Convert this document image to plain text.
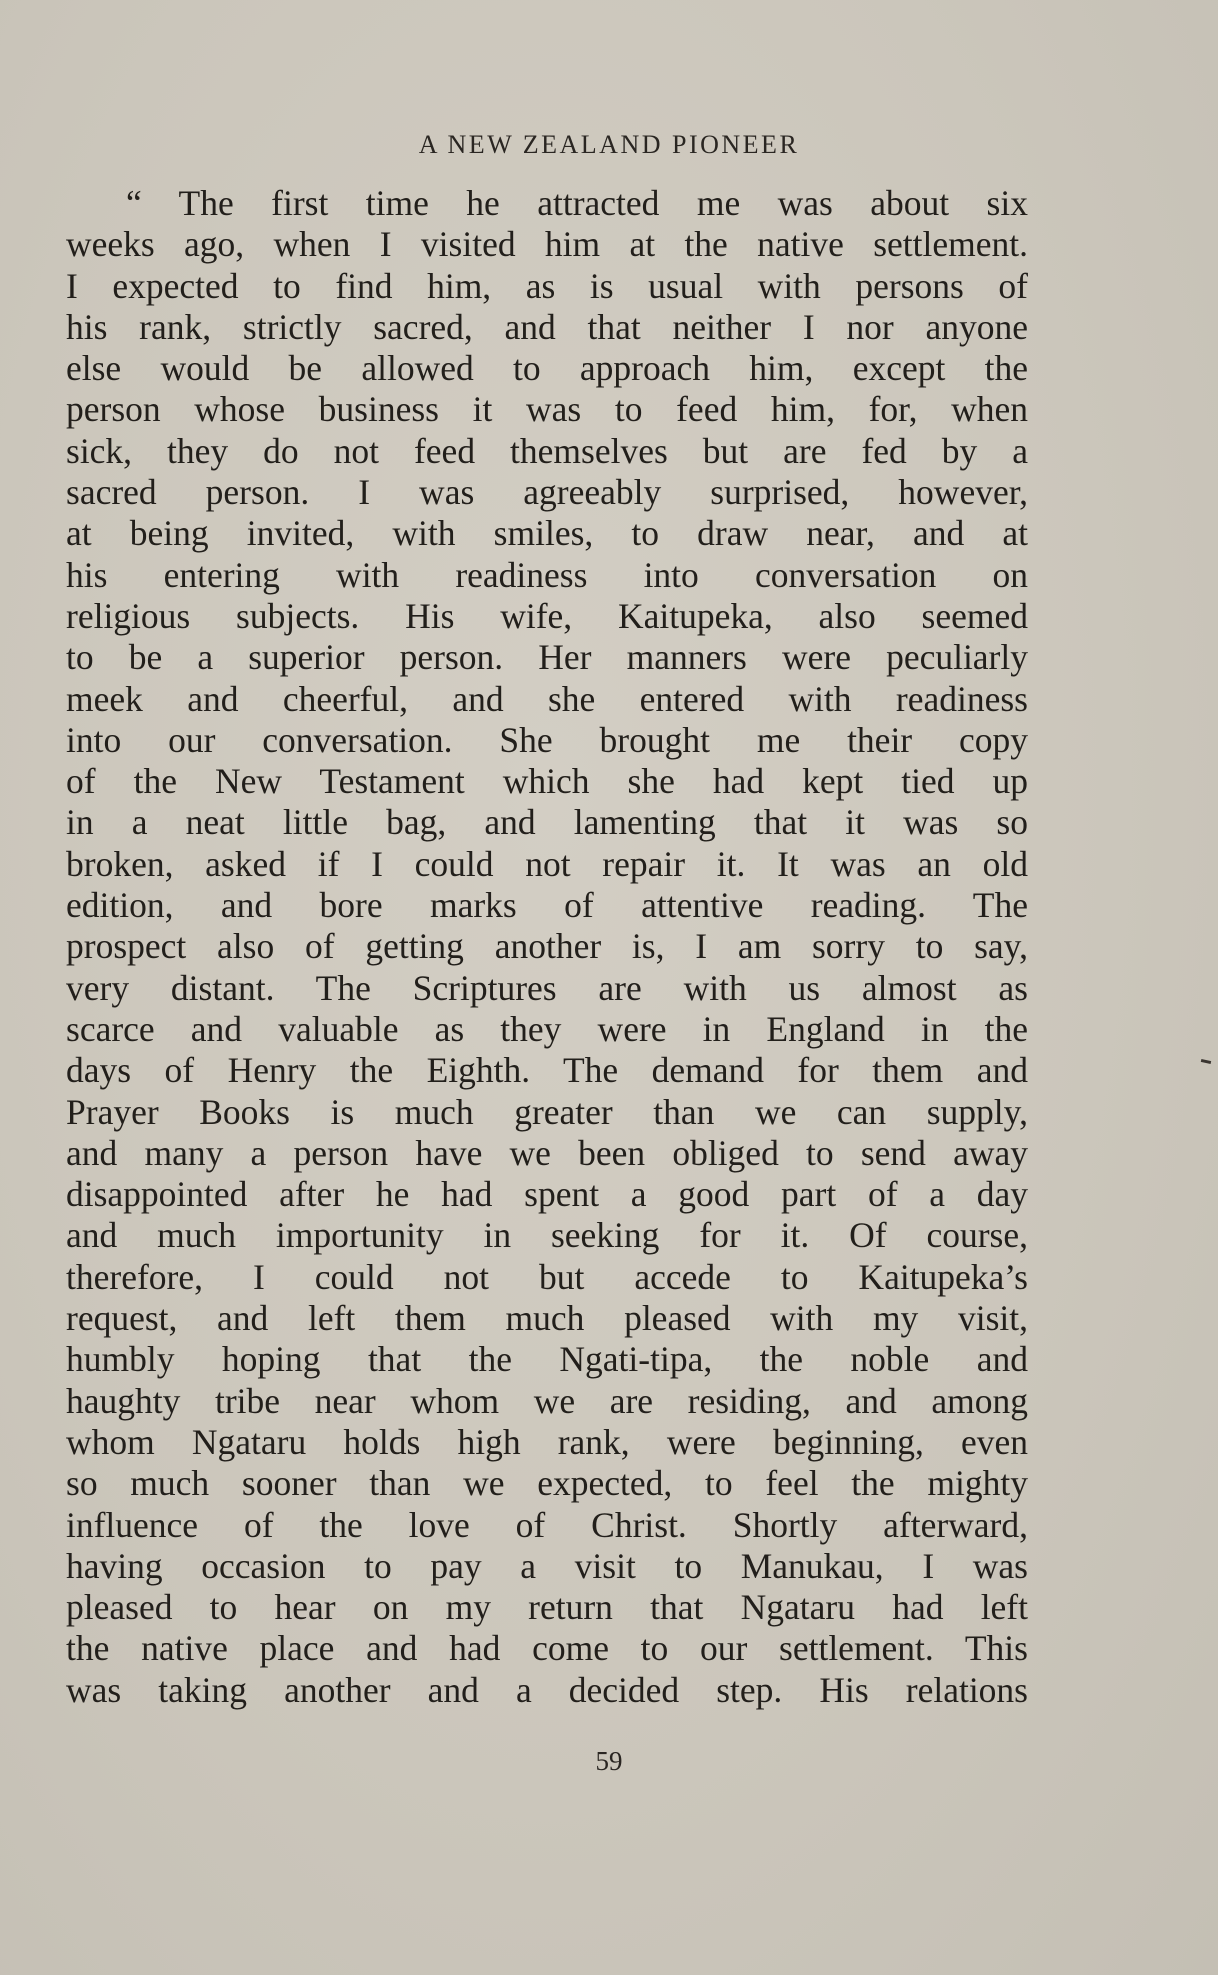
A NEW ZEALAND PIONEER
“ The first time he attracted me was about six
weeks ago, when I visited him at the native settlement.
I expected to find him, as is usual with persons of
his rank, strictly sacred, and that neither I nor anyone
else would be allowed to approach him, except the
person whose business it was to feed him, for, when
sick, they do not feed themselves but are fed by a
sacred person. I was agreeably surprised, however,
at being invited, with smiles, to draw near, and at
his entering with readiness into conversation on
religious subjects. His wife, Kaitupeka, also seemed
to be a superior person. Her manners were peculiarly
meek and cheerful, and she entered with readiness
into our conversation. She brought me their copy
of the New Testament which she had kept tied up
in a neat little bag, and lamenting that it was so
broken, asked if I could not repair it. It was an old
edition, and bore marks of attentive reading. The
prospect also of getting another is, I am sorry to say,
very distant. The Scriptures are with us almost as
scarce and valuable as they were in England in the
days of Henry the Eighth. The demand for them and
Prayer Books is much greater than we can supply,
and many a person have we been obliged to send away
disappointed after he had spent a good part of a day
and much importunity in seeking for it. Of course,
therefore, I could not but accede to Kaitupeka’s
request, and left them much pleased with my visit,
humbly hoping that the Ngati-tipa, the noble and
haughty tribe near whom we are residing, and among
whom Ngataru holds high rank, were beginning, even
so much sooner than we expected, to feel the mighty
influence of the love of Christ. Shortly afterward,
having occasion to pay a visit to Manukau, I was
pleased to hear on my return that Ngataru had left
the native place and had come to our settlement. This
was taking another and a decided step. His relations
59
